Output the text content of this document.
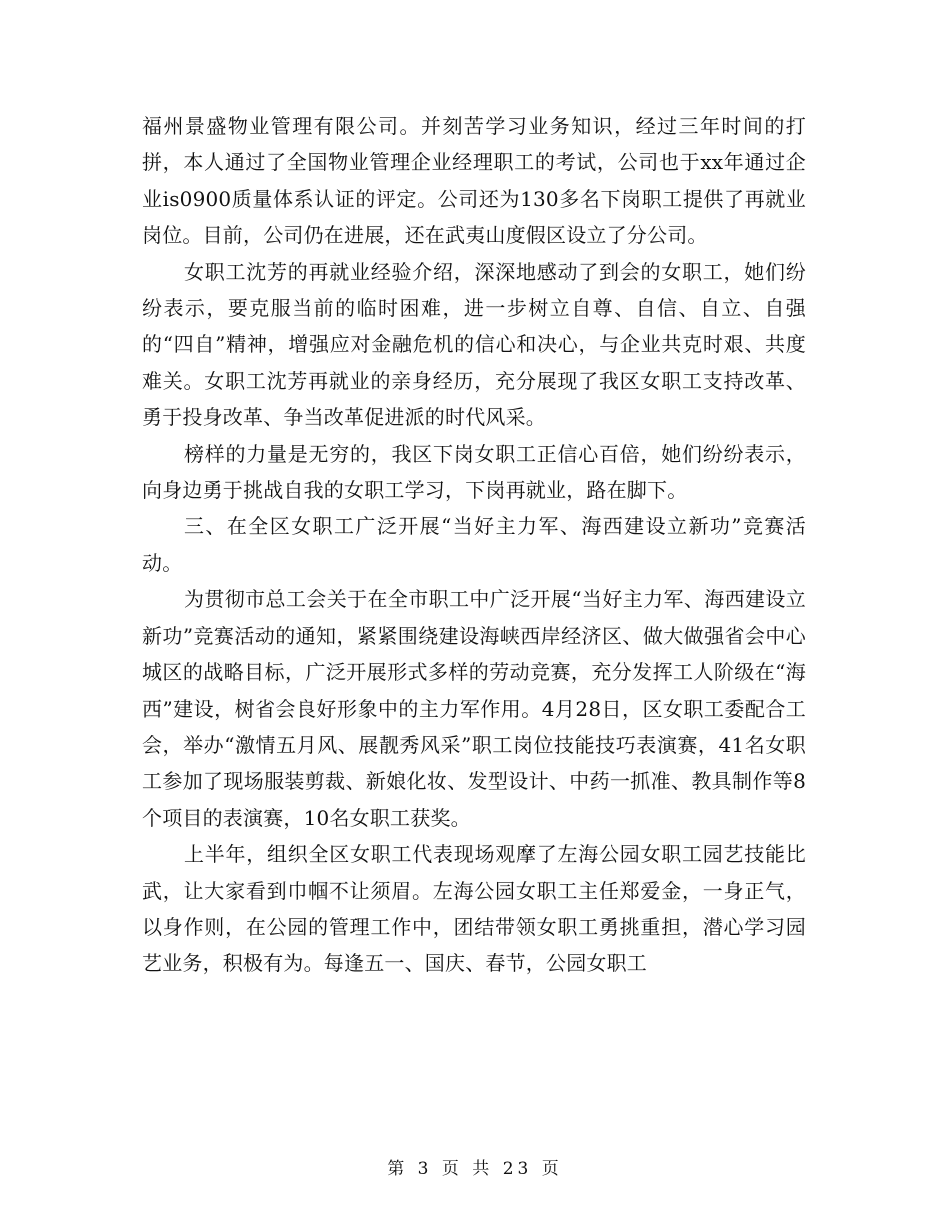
福州景盛物业管理有限公司。并刻苦学习业务知识，经过三年时间的打拼，本人通过了全国物业管理企业经理职工的考试，公司也于xx年通过企业is0900质量体系认证的评定。公司还为130多名下岗职工提供了再就业岗位。目前，公司仍在进展，还在武夷山度假区设立了分公司。

女职工沈芳的再就业经验介绍，深深地感动了到会的女职工，她们纷纷表示，要克服当前的临时困难，进一步树立自尊、自信、自立、自强的“四自”精神，增强应对金融危机的信心和决心，与企业共克时艰、共度难关。女职工沈芳再就业的亲身经历，充分展现了我区女职工支持改革、勇于投身改革、争当改革促进派的时代风采。

榜样的力量是无穷的，我区下岗女职工正信心百倍，她们纷纷表示，向身边勇于挑战自我的女职工学习，下岗再就业，路在脚下。

三、在全区女职工广泛开展“当好主力军、海西建设立新功”竞赛活动。

为贯彻市总工会关于在全市职工中广泛开展“当好主力军、海西建设立新功”竞赛活动的通知，紧紧围绕建设海峡西岸经济区、做大做强省会中心城区的战略目标，广泛开展形式多样的劳动竞赛，充分发挥工人阶级在“海西”建设，树省会良好形象中的主力军作用。4月28日，区女职工委配合工会，举办“激情五月风、展靓秀风采”职工岗位技能技巧表演赛，41名女职工参加了现场服装剪裁、新娘化妆、发型设计、中药一抓准、教具制作等8个项目的表演赛，10名女职工获奖。

上半年，组织全区女职工代表现场观摩了左海公园女职工园艺技能比武，让大家看到巾帼不让须眉。左海公园女职工主任郑爱金，一身正气，以身作则，在公园的管理工作中，团结带领女职工勇挑重担，潜心学习园艺业务，积极有为。每逢五一、国庆、春节，公园女职工

第 3 页 共 23 页
